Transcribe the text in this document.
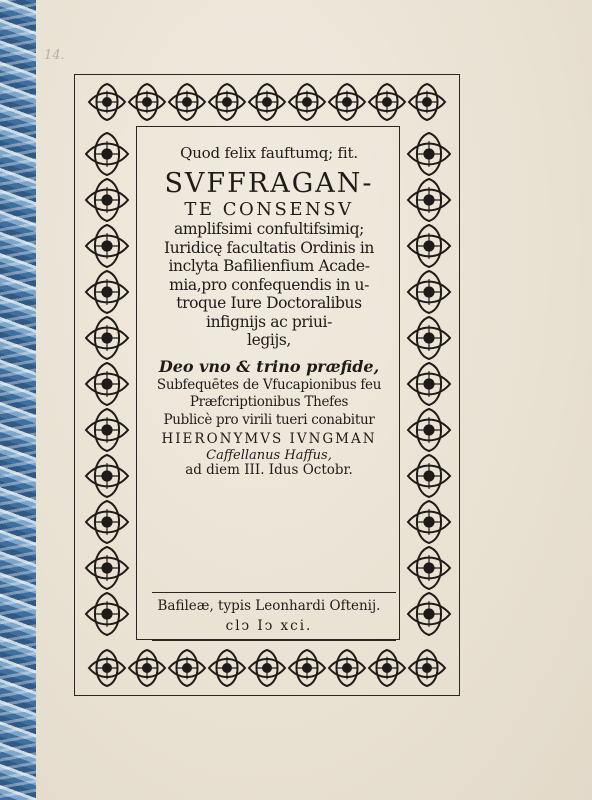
14.
Quod felix fauftumq; fit.
SVFFRAGAN-
TE CONSENSV
amplifsimi confultifsimiq;
Iuridicę facultatis Ordinis in
inclyta Bafilienfium Acade-
mia,pro confequendis in u-
troque Iure Doctoralibus
infignijs ac priui-
legijs,
Deo vno & trino præfide,
Subfequētes de Vfucapionibus feu
Præfcriptionibus Thefes
Publicè pro virili tueri conabitur
HIERONYMVS IVNGMAN
Caffellanus Haffus,
ad diem III. Idus Octobr.
Bafileæ, typis Leonhardi Oftenij.
clↄ Iↄ xci.
